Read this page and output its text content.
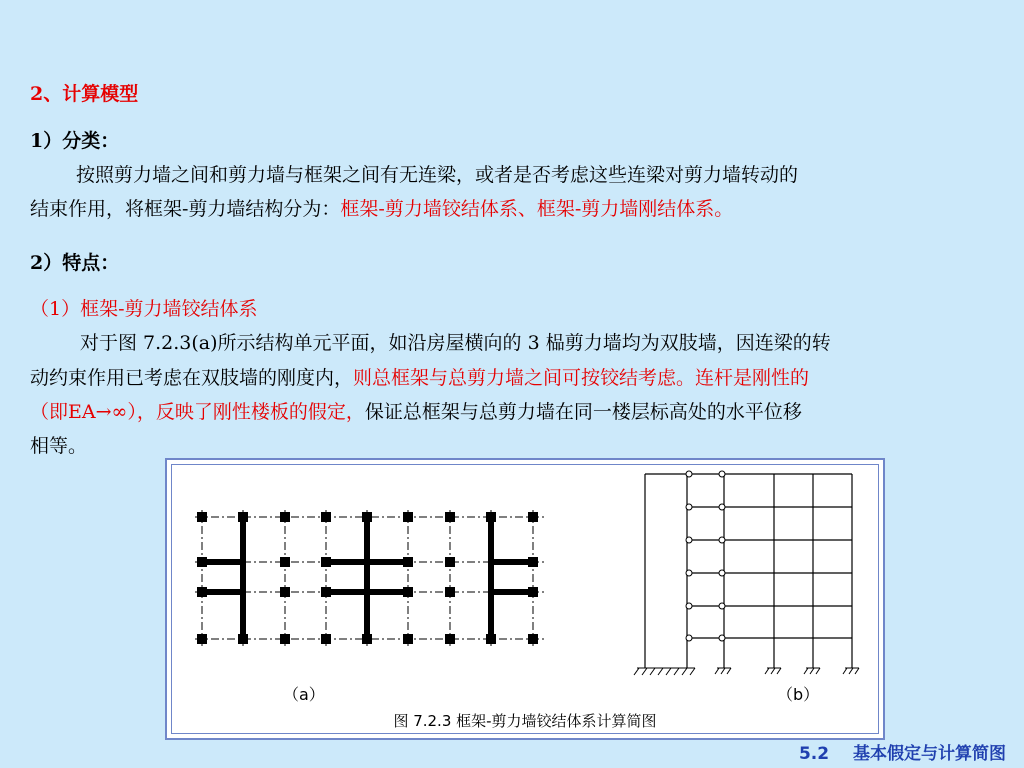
2、计算模型
1）分类：
按照剪力墙之间和剪力墙与框架之间有无连梁，或者是否考虑这些连梁对剪力墙转动的
结束作用，将框架-剪力墙结构分为：框架-剪力墙铰结体系、框架-剪力墙刚结体系。
2）特点：
（1）框架-剪力墙铰结体系
对于图 7.2.3(a)所示结构单元平面，如沿房屋横向的 3 榀剪力墙均为双肢墙，因连梁的转
动约束作用已考虑在双肢墙的刚度内，则总框架与总剪力墙之间可按铰结考虑。连杆是刚性的
（即EA→∞），反映了刚性楼板的假定，保证总框架与总剪力墙在同一楼层标高处的水平位移
相等。
（a）	（b）
图 7.2.3 框架-剪力墙铰结体系计算简图
5.2 基本假定与计算简图
